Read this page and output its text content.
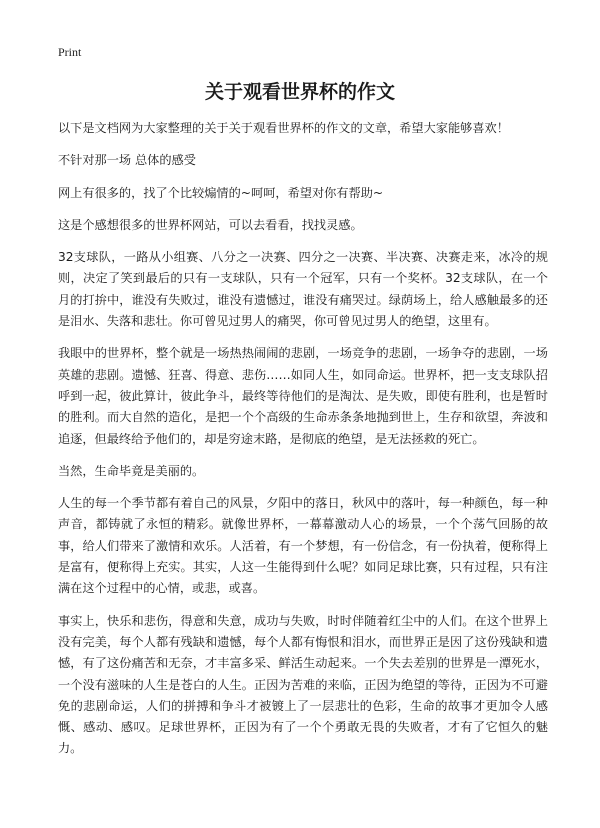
Print
关于观看世界杯的作文

以下是文档网为大家整理的关于关于观看世界杯的作文的文章，希望大家能够喜欢！

不针对那一场 总体的感受

网上有很多的，找了个比较煽情的~呵呵，希望对你有帮助~

这是个感想很多的世界杯网站，可以去看看，找找灵感。

32支球队，一路从小组赛、八分之一决赛、四分之一决赛、半决赛、决赛走来，冰冷的规则，决定了笑到最后的只有一支球队，只有一个冠军，只有一个奖杯。32支球队，在一个月的打拚中，谁没有失败过，谁没有遗憾过，谁没有痛哭过。绿荫场上，给人感触最多的还是泪水、失落和悲壮。你可曾见过男人的痛哭，你可曾见过男人的绝望，这里有。

我眼中的世界杯，整个就是一场热热闹闹的悲剧，一场竞争的悲剧，一场争夺的悲剧，一场英雄的悲剧。遗憾、狂喜、得意、悲伤……如同人生，如同命运。世界杯，把一支支球队招呼到一起，彼此算计，彼此争斗，最终等待他们的是淘汰、是失败，即使有胜利，也是暂时的胜利。而大自然的造化，是把一个个高级的生命赤条条地抛到世上，生存和欲望，奔波和追逐，但最终给予他们的，却是穷途末路，是彻底的绝望，是无法拯救的死亡。

当然，生命毕竟是美丽的。

人生的每一个季节都有着自己的风景，夕阳中的落日，秋风中的落叶，每一种颜色，每一种声音，都铸就了永恒的精彩。就像世界杯，一幕幕激动人心的场景，一个个荡气回肠的故事，给人们带来了激情和欢乐。人活着，有一个梦想，有一份信念，有一份执着，便称得上是富有，便称得上充实。其实，人这一生能得到什么呢？如同足球比赛，只有过程，只有注满在这个过程中的心情，或悲，或喜。

事实上，快乐和悲伤，得意和失意，成功与失败，时时伴随着红尘中的人们。在这个世界上没有完美，每个人都有残缺和遗憾，每个人都有悔恨和泪水，而世界正是因了这份残缺和遗憾，有了这份痛苦和无奈，才丰富多采、鲜活生动起来。一个失去差别的世界是一潭死水，一个没有滋味的人生是苍白的人生。正因为苦难的来临，正因为绝望的等待，正因为不可避免的悲剧命运，人们的拼搏和争斗才被镀上了一层悲壮的色彩，生命的故事才更加令人感慨、感动、感叹。足球世界杯，正因为有了一个个勇敢无畏的失败者，才有了它恒久的魅力。
